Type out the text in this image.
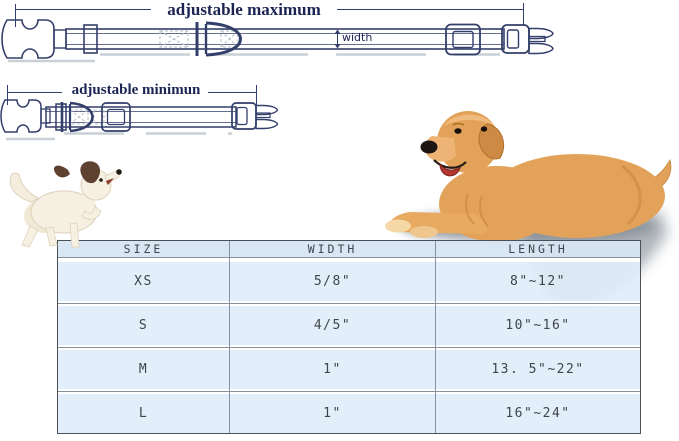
adjustable maximum
width
adjustable minimun
SIZE	WIDTH	LENGTH
XS	5/8"	8"~12"
S	4/5"	10"~16"
M	1"	13. 5"~22"
L	1"	16"~24"
